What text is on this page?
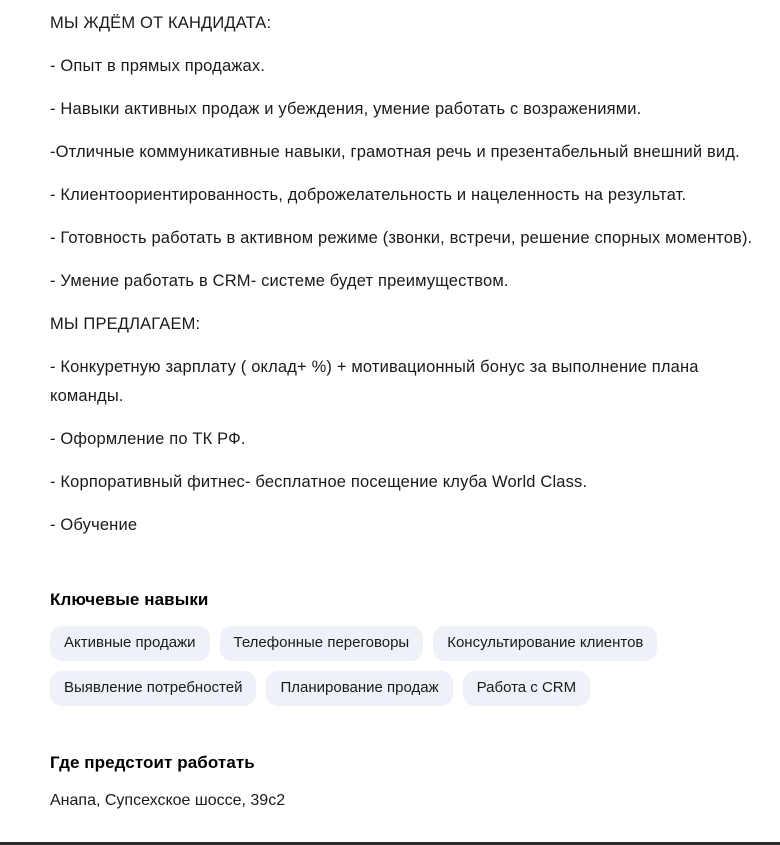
МЫ ЖДЁМ ОТ КАНДИДАТА:

- Опыт в прямых продажах.

- Навыки активных продаж и убеждения, умение работать с возражениями.

-Отличные коммуникативные навыки, грамотная речь и презентабельный внешний вид.

- Клиентоориентированность, доброжелательность и нацеленность на результат.

- Готовность работать в активном режиме (звонки, встречи, решение спорных моментов).

- Умение работать в CRM- системе будет преимуществом.

МЫ ПРЕДЛАГАЕМ:

- Конкуретную зарплату ( оклад+ %) + мотивационный бонус за выполнение плана команды.

- Оформление по ТК РФ.

- Корпоративный фитнес- бесплатное посещение клуба World Class.

- Обучение

Ключевые навыки
Активные продажи	Телефонные переговоры	Консультирование клиентов
Выявление потребностей	Планирование продаж	Работа с CRM
Где предстоит работать

Анапа, Супсехское шоссе, 39с2
